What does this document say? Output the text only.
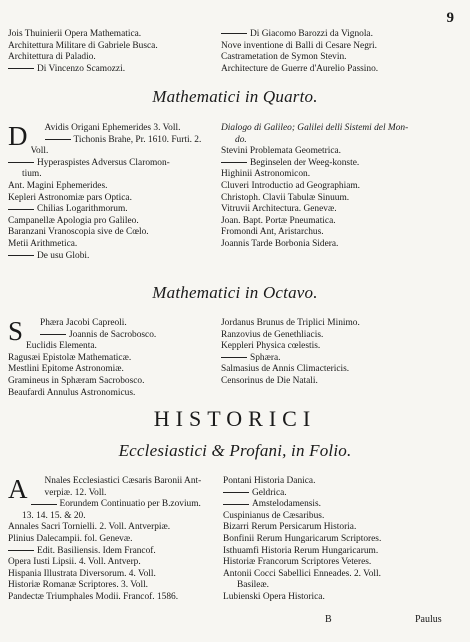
9
Jois Thuinierii Opera Mathematica.
Architettura Militare di Gabriele Busca.
Architettura di Paladio.
Di Vincenzo Scamozzi.
Di Giacomo Barozzi da Vignola.
Nove inventione di Balli di Cesare Negri.
Castrametation de Symon Stevin.
Architecture de Guerre d'Aurelio Passino.
Mathematici in Quarto.
D	Avidis Origani Ephemerides 3. Voll.
Tichonis Brahe, Pr. 1610. Furti. 2.
Voll.
Hyperaspistes Adversus Claromon-
tium.
Ant. Magini Ephemerides.
Kepleri Astronomiæ pars Optica.
Chilias Logarithmorum.
Campanellæ Apologia pro Galileo.
Baranzani Vranoscopia sive de Cœlo.
Metii Arithmetica.
De usu Globi.
Dialogo di Galileo; Galilei delli Sistemi del Mon-
do.
Stevini Problemata Geometrica.
Beginselen der Weeg-konste.
Highinii Astronomicon.
Cluveri Introductio ad Geographiam.
Christoph. Clavii Tabulæ Sinuum.
Vitruvii Architectura. Genevæ.
Joan. Bapt. Portæ Pneumatica.
Fromondi Ant, Aristarchus.
Joannis Tarde Borbonia Sidera.
Mathematici in Octavo.
S	Phæra Jacobi Capreoli.
Joannis de Sacrobosco.
Euclidis Elementa.
Ragusæi Epistolæ Mathematicæ.
Mestlini Epitome Astronomiæ.
Gramineus in Sphæram Sacrobosco.
Beaufardi Annulus Astronomicus.
Jordanus Brunus de Triplici Minimo.
Ranzovius de Genethliacis.
Keppleri Physica cœlestis.
Sphæra.
Salmasius de Annis Climactericis.
Censorinus de Die Natali.
HISTORICI
Ecclesiastici & Profani, in Folio.
A	Nnales Ecclesiastici Cæsaris Baronii Ant-
verpiæ. 12. Voll.
Eorundem Continuatio per B.zovium.
13. 14. 15. & 20.
Annales Sacri Tornielli. 2. Voll. Antverpiæ.
Plinius Dalecampii. fol. Genevæ.
Edit. Basiliensis. Idem Francof.
Opera Iusti Lipsii. 4. Voll. Antverp.
Hispania Illustrata Diversorum. 4. Voll.
Historiæ Romanæ Scriptores. 3. Voll.
Pandectæ Triumphales Modii. Francof. 1586.
Pontani Historia Danica.
Geldrica.
Amstelodamensis.
Cuspinianus de Cæsaribus.
Bizarri Rerum Persicarum Historia.
Bonfinii Rerum Hungaricarum Scriptores.
Isthuamfi Historia Rerum Hungaricarum.
Historiæ Francorum Scriptores Veteres.
Antonii Cocci Sabellici Enneades. 2. Voll.
Basileæ.
Lubienski Opera Historica.
B	Paulus
